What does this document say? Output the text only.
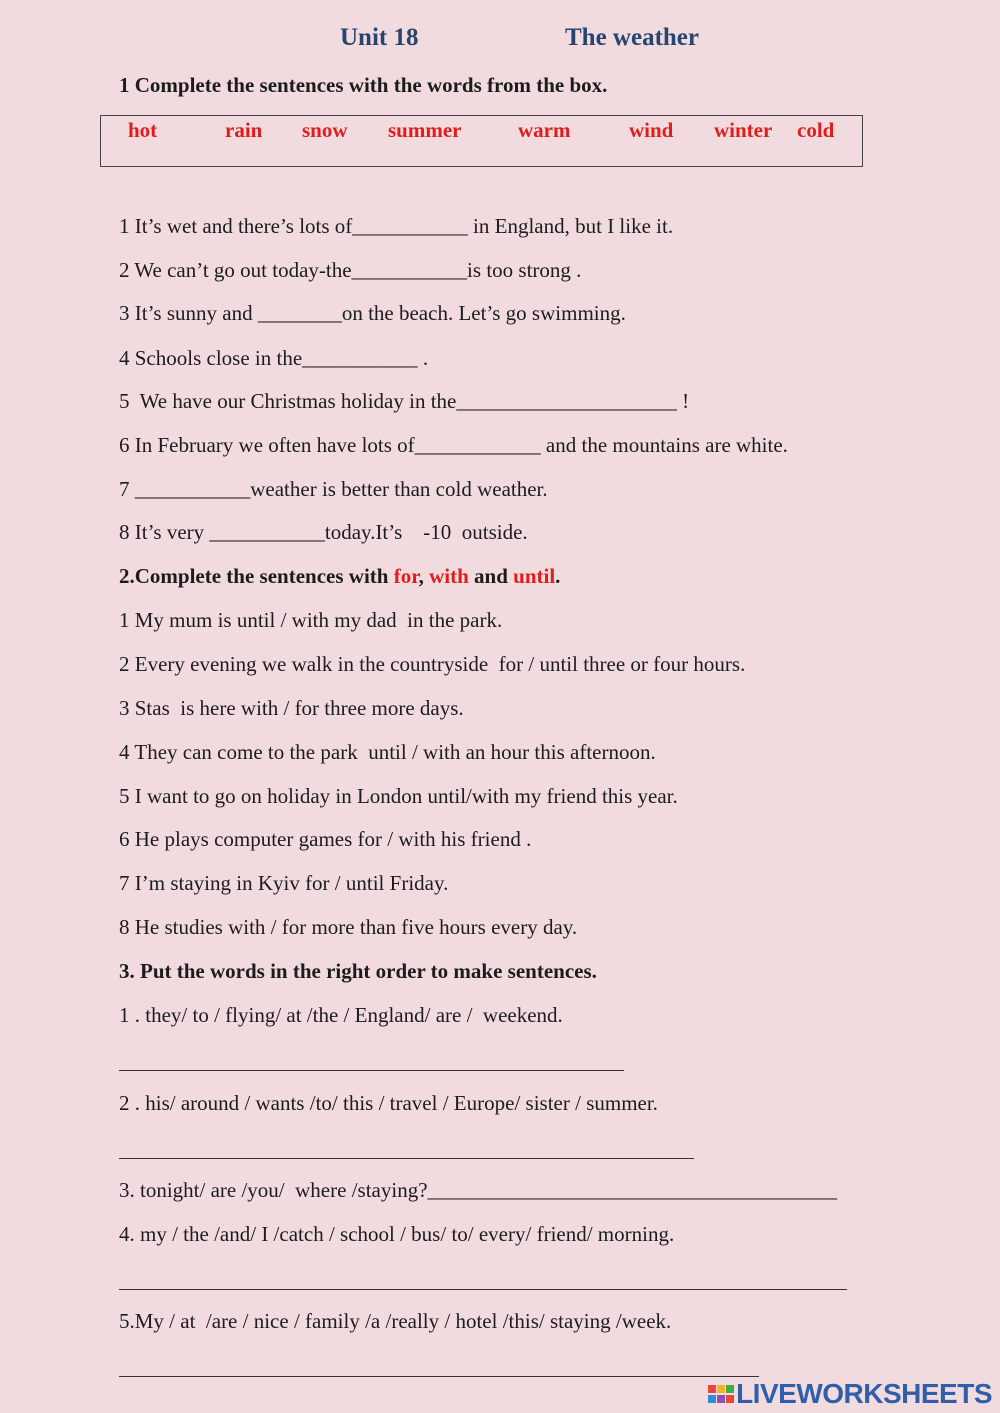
Unit 18	The weather
1 Complete the sentences with the words from the box.
hot	rain snow summer	warm	wind winter cold
1 It’s wet and there’s lots of___________ in England, but I like it.
2 We can’t go out today-the___________is too strong .
3 It’s sunny and ________on the beach. Let’s go swimming.
4 Schools close in the___________ .
5  We have our Christmas holiday in the_____________________ !
6 In February we often have lots of____________ and the mountains are white.
7 ___________weather is better than cold weather.
8 It’s very ___________today.It’s    -10  outside.
2.Complete the sentences with for, with and until.
1 My mum is until / with my dad  in the park.
2 Every evening we walk in the countryside  for / until three or four hours.
3 Stas  is here with / for three more days.
4 They can come to the park  until / with an hour this afternoon.
5 I want to go on holiday in London until/with my friend this year.
6 He plays computer games for / with his friend .
7 I’m staying in Kyiv for / until Friday.
8 He studies with / for more than five hours every day.
3. Put the words in the right order to make sentences.
1 . they/ to / flying/ at /the / England/ are /  weekend.
2 . his/ around / wants /to/ this / travel / Europe/ sister / summer.
3. tonight/ are /you/  where /staying?_______________________________________
4. my / the /and/ I /catch / school / bus/ to/ every/ friend/ morning.
5.My / at  /are / nice / family /a /really / hotel /this/ staying /week.
LIVEWORKSHEETS
